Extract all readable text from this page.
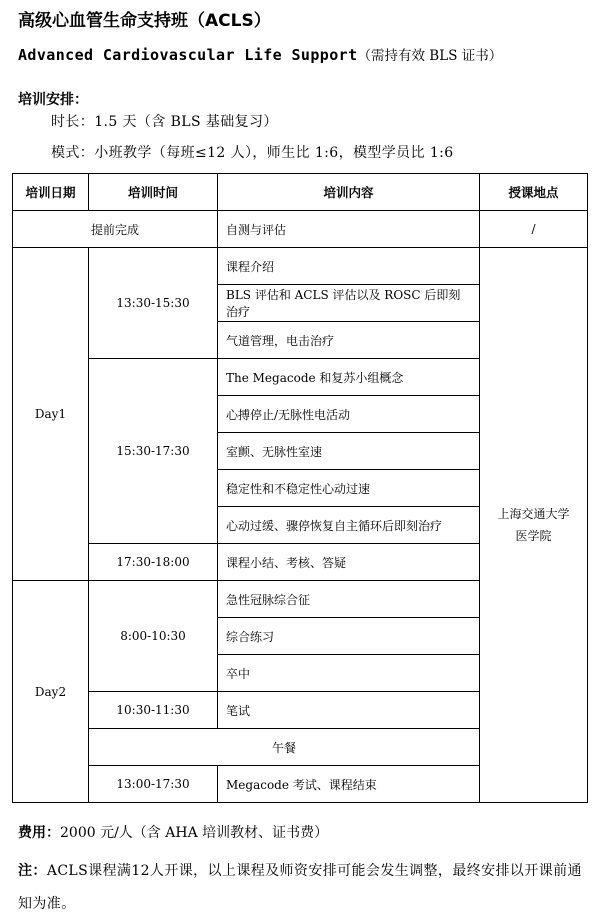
高级心血管生命支持班（ACLS）
Advanced Cardiovascular Life Support（需持有效 BLS 证书）
培训安排：
时长：1.5 天（含 BLS 基础复习）
模式：小班教学（每班≤12 人），师生比 1:6，模型学员比 1:6
培训日期	培训时间	培训内容	授课地点
提前完成		自测与评估	/
Day1	13:30-15:30	课程介绍	上海交通大学
医学院
		BLS 评估和 ACLS 评估以及 ROSC 后即刻治疗	
		气道管理，电击治疗	
	15:30-17:30	The Megacode 和复苏小组概念	
		心搏停止/无脉性电活动	
		室颤、无脉性室速	
		稳定性和不稳定性心动过速	
		心动过缓、骤停恢复自主循环后即刻治疗	
	17:30-18:00	课程小结、考核、答疑	
Day2	8:00-10:30	急性冠脉综合征	
		综合练习	
		卒中	
	10:30-11:30	笔试	
	午餐		
	13:00-17:30	Megacode 考试、课程结束	
费用：2000 元/人（含 AHA 培训教材、证书费）
注：ACLS课程满12人开课，以上课程及师资安排可能会发生调整，最终安排以开课前通知为准。
